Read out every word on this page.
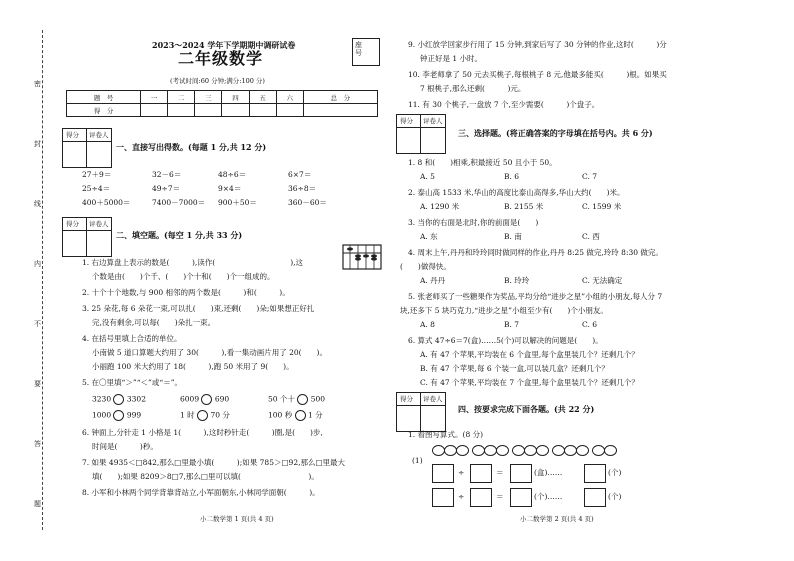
密
封
线
内
不
要
答
题
2023～2024 学年下学期期中调研试卷
二年级数学
(考试时间:60 分钟;满分:100 分)
座号
题　号	一	二	三	四	五	六	总　分
得　分							
得分 评卷人
一、直接写出得数。(每题 1 分,共 12 分)
27＋9＝	32－6＝	48÷6＝	6×7＝
25÷4＝	49÷7＝	9×4＝	36÷8＝
400＋5000＝	7400－7000＝ 900＋50＝	360－60＝
得分 评卷人
二、填空题。(每空 1 分,共 33 分)
1. 右边算盘上表示的数是(　　　),读作(　　　　　　　　　　),这
个数是由(　　)个千、(　　)个十和(　　)个一组成的。
2. 十个十个地数,与 900 相邻的两个数是(　　　)和(　　　)。
3. 25 朵花,每 6 朵花一束,可以扎(　　)束,还剩(　　)朵;如果想正好扎
完,没有剩余,可以每(　　)朵扎一束。
4. 在括号里填上合适的单位。
小南做 5 道口算题大约用了 30(　　　),看一集动画片用了 20(　　)。
小丽跑 100 米大约用了 18(　　　),跑 50 米用了 9(　　)。
5. 在〇里填“＞”“＜”或“＝”。
3230 3302	6009 690	50 个十 500
1000 999	1 时 70 分	100 秒 1 分
6. 钟面上,分针走 1 小格是 1(　　　),这时秒针走(　　　)圈,是(　　)步,
时间是(　　　)秒。
7. 如果 4935＜□842,那么□里最小填(　　　);如果 785＞□92,那么□里最大
填(　　);如果 8209＞8□7,那么□里可以填(　　　　　　　　　)。
8. 小军和小林两个同学背靠背站立,小军面朝东,小林同学面朝(　　　)。
小二数学第 1 页(共 4 页)
9. 小红放学回家步行用了 15 分钟,到家后写了 30 分钟的作业,这时(　　　)分
钟正好是 1 小时。
10. 李老师拿了 50 元去买桃子,每根桃子 8 元,他最多能买(　　　)根。如果买
7 根桃子,那么还剩(　　　)元。
11. 有 30 个桃子,一盘放 7 个,至少需要(　　　)个盘子。
得分 评卷人
三、选择题。(将正确答案的字母填在括号内。共 6 分)
1. 8 和(　　)相乘,积最接近 50 且小于 50。
A. 5	B. 6	C. 7
2. 泰山高 1533 米,华山的高度比泰山高得多,华山大约(　　)米。
A. 1290 米	B. 2155 米	C. 1599 米
3. 当你的右面是北时,你的前面是(　　)
A. 东	B. 南	C. 西
4. 周末上午,丹丹和玲玲同时做同样的作业,丹丹 8:25 做完,玲玲 8:30 做完。
(　　)做得快。
A. 丹丹	B. 玲玲	C. 无法确定
5. 张老师买了一些糖果作为奖品,平均分给“进步之星”小组的小朋友,每人分 7
块,还多下 5 块巧克力,“进步之星”小组至少有(　　)个小朋友。
A. 8	B. 7	C. 6
6. 算式 47÷6＝7(盒)……5(个)可以解决的问题是(　　)。
A. 有 47 个苹果,平均装在 6 个盒里,每个盒里装几个？还剩几个？
B. 有 47 个苹果,每 6 个装一盒,可以装几盒？还剩几个？
C. 有 47 个苹果,平均装在 7 个盒里,每个盒里装几个？还剩几个？
得分 评卷人
四、按要求完成下面各题。(共 22 分)
1. 看图写算式。(8 分)
(1)
÷	＝	(盒)……	(个)
÷	＝	(个)……	(个)
小二数学第 2 页(共 4 页)
